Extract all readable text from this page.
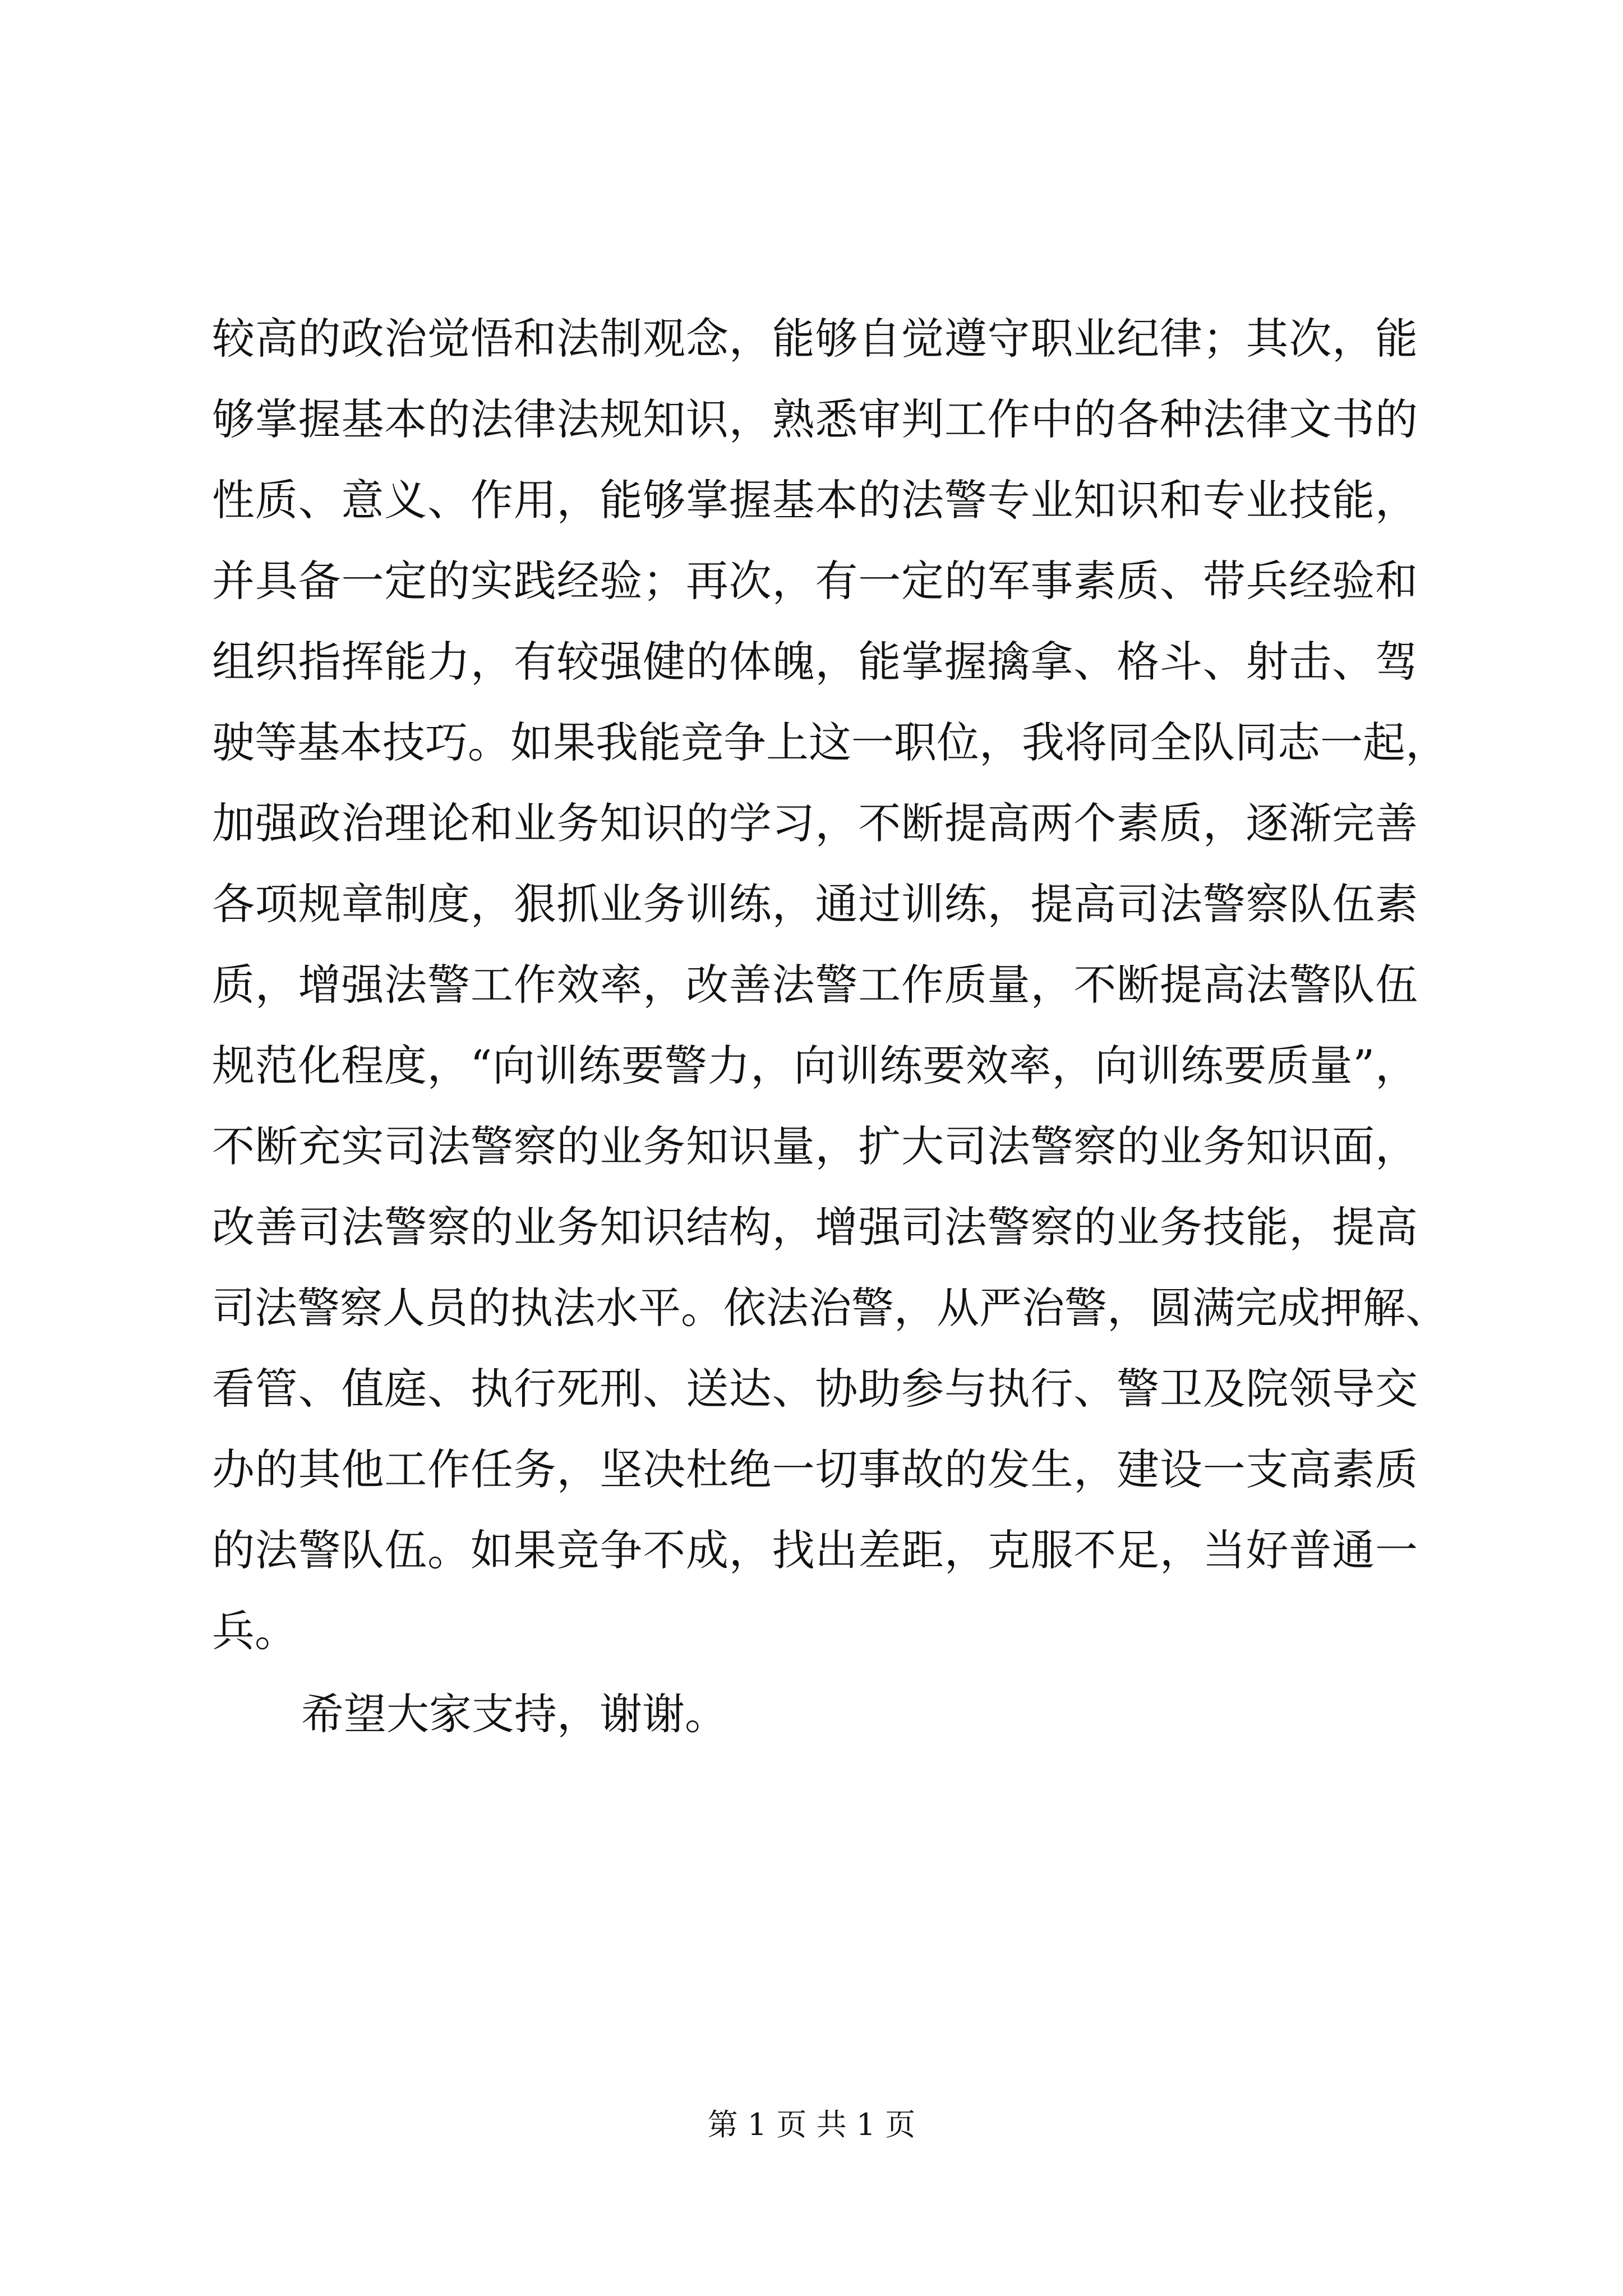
较高的政治觉悟和法制观念，能够自觉遵守职业纪律；其次，能
够掌握基本的法律法规知识，熟悉审判工作中的各种法律文书的
性质、意义、作用，能够掌握基本的法警专业知识和专业技能，
并具备一定的实践经验；再次，有一定的军事素质、带兵经验和
组织指挥能力，有较强健的体魄，能掌握擒拿、格斗、射击、驾
驶等基本技巧。如果我能竞争上这一职位，我将同全队同志一起，
加强政治理论和业务知识的学习，不断提高两个素质，逐渐完善
各项规章制度，狠抓业务训练，通过训练，提高司法警察队伍素
质，增强法警工作效率，改善法警工作质量，不断提高法警队伍
规范化程度，“向训练要警力，向训练要效率，向训练要质量”，
不断充实司法警察的业务知识量，扩大司法警察的业务知识面，
改善司法警察的业务知识结构，增强司法警察的业务技能，提高
司法警察人员的执法水平。依法治警，从严治警，圆满完成押解、
看管、值庭、执行死刑、送达、协助参与执行、警卫及院领导交
办的其他工作任务，坚决杜绝一切事故的发生，建设一支高素质
的法警队伍。如果竞争不成，找出差距，克服不足，当好普通一
兵。

希望大家支持，谢谢。

第 1 页 共 1 页
